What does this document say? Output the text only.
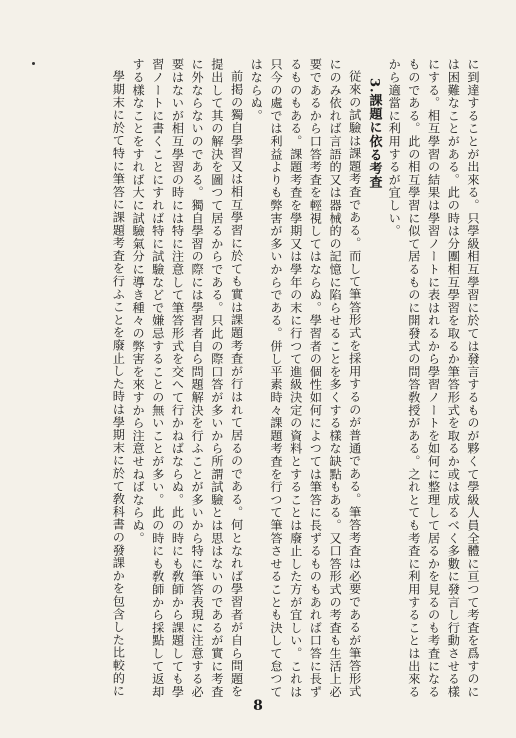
に到達することが出來る。只學級相互學習に於ては發言するものが夥くて學級人員全體に亘つて考査を爲すのには困難なことがある。此の時は分團相互學習を取るか筆答形式を取るか或は成るべく多數に發言し行動させる樣にする。相互學習の結果は學習ノートに表はれるから學習ノートを如何に整理して居るかを見るのも考査になるものである。此の相互學習に似て居るものに開發式の問答敎授がある。之れとても考査に利用することは出來るから適當に利用するが宜しい。

3.課題に依る考査

従來の試驗は課題考査である。而して筆答形式を採用するのが普通である。筆答考査は必要であるが筆答形式にのみ依れば言語的又は器械的の記憶に陷らせることを多くする樣な缺點もある。又口答形式の考査も生活上必要であるから口答考査を輕視してはならぬ。學習者の個性如何によつては筆答に長ずるものもあれば口答に長ずるものもある。課題考査を學期又は學年の末に行つて進級決定の資料とすることは廢止した方が宜しい。これは只今の處では利益よりも弊害が多いからである。併し平素時々課題考査を行つて筆答させることも決して怠つてはならぬ。

前掲の獨自學習又は相互學習に於ても實は課題考査が行はれて居るのである。何となれば學習者が自ら問題を提出して其の解決を圖つて居るからである。只此の際口答が多いから所謂試驗とは思はないのであるが實に考査に外ならないのである。獨自學習の際には學習者自ら問題解決を行ふことが多いから特に筆答表現に注意する必要はないが相互學習の時には特に注意して筆答形式を交へて行かねばならぬ。此の時にも敎師から課題しても學習ノートに書くことにすれば特に試驗などで嫌忌することの無いことが多い。此の時にも敎師から採點して返却する樣なことをすれば大に試驗氣分に導き種々の弊害を來すから注意せねばならぬ。

學期末に於て特に筆答に課題考査を行ふことを廢止した時は學期末に於て敎科書の發課かを包含した比較的に

8
